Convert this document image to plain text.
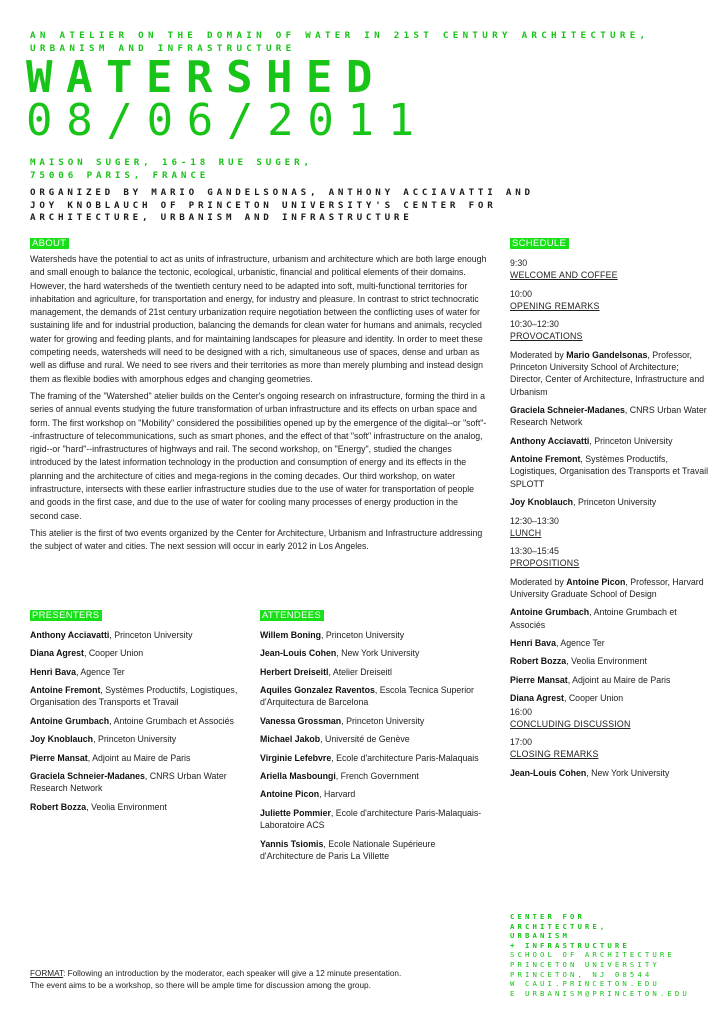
AN ATELIER ON THE DOMAIN OF WATER IN 21ST CENTURY ARCHITECTURE, URBANISM AND INFRASTRUCTURE
WATERSHED
08/06/2011
MAISON SUGER, 16-18 RUE SUGER,
75006 PARIS, FRANCE
ORGANIZED BY MARIO GANDELSONAS, ANTHONY ACCIAVATTI AND JOY KNOBLAUCH OF PRINCETON UNIVERSITY'S CENTER FOR ARCHITECTURE, URBANISM AND INFRASTRUCTURE
ABOUT

Watersheds have the potential to act as units of infrastructure, urbanism and architecture which are both large enough and small enough to balance the tectonic, ecological, urbanistic, financial and political elements of their domains. However, the hard watersheds of the twentieth century need to be adapted into soft, multi-functional territories for inhabitation and agriculture, for transportation and energy, for industry and pleasure. In contrast to strict technocratic management, the demands of 21st century urbanization require negotiation between the conflicting uses of water for sustaining life and for industrial production, balancing the demands for clean water for humans and animals, recycled water for growing and feeding plants, and for maintaining landscapes for pleasure and identity. In order to meet these competing needs, watersheds will need to be designed with a rich, simultaneous use of spaces, dense and urban as well as diffuse and rural. We need to see rivers and their territories as more than merely plumbing and instead design them as flexible bodies with amorphous edges and changing geometries.

The framing of the "Watershed" atelier builds on the Center's ongoing research on infrastructure, forming the third in a series of annual events studying the future transformation of urban infrastructure and its effects on urban space and form. The first workshop on "Mobility" considered the possibilities opened up by the emergence of the digital--or "soft"--infrastructure of telecommunications, such as smart phones, and the effect of that "soft" infrastructure on the analog, rigid--or "hard"--infrastructures of highways and rail. The second workshop, on "Energy", studied the changes introduced by the latest information technology in the production and consumption of energy and its effects in the planning and the architecture of cities and mega-regions in the coming decades. Our third workshop, on water infrastructure, intersects with these earlier infrastructure studies due to the use of water for transportation of people and goods in the first case, and due to the use of water for cooling many processes of energy production in the second case.

This atelier is the first of two events organized by the Center for Architecture, Urbanism and Infrastructure addressing the subject of water and cities. The next session will occur in early 2012 in Los Angeles.

PRESENTERS
Anthony Acciavatti, Princeton University
Diana Agrest, Cooper Union
Henri Bava, Agence Ter
Antoine Fremont, Systèmes Productifs, Logistiques, Organisation des Transports et Travail
Antoine Grumbach, Antoine Grumbach et Associés
Joy Knoblauch, Princeton University
Pierre Mansat, Adjoint au Maire de Paris
Graciela Schneier-Madanes, CNRS Urban Water Research Network
Robert Bozza, Veolia Environment
ATTENDEES
Willem Boning, Princeton University
Jean-Louis Cohen, New York University
Herbert Dreiseitl, Atelier Dreiseitl
Aquiles Gonzalez Raventos, Escola Tecnica Superior d'Arquitectura de Barcelona
Vanessa Grossman, Princeton University
Michael Jakob, Université de Genève
Virginie Lefebvre, Ecole d'architecture Paris-Malaquais
Ariella Masboungi, French Government
Antoine Picon, Harvard
Juliette Pommier, Ecole d'architecture Paris-Malaquais-Laboratoire ACS
Yannis Tsiomis, Ecole Nationale Supérieure d'Architecture de Paris La Villette
SCHEDULE
9:30
WELCOME AND COFFEE
10:00
OPENING REMARKS
10:30–12:30
PROVOCATIONS
Moderated by Mario Gandelsonas, Professor, Princeton University School of Architecture; Director, Center of Architecture, Infrastructure and Urbanism
Graciela Schneier-Madanes, CNRS Urban Water Research Network
Anthony Acciavatti, Princeton University
Antoine Fremont, Systèmes Productifs, Logistiques, Organisation des Transports et Travail SPLOTT
Joy Knoblauch, Princeton University
12:30–13:30
LUNCH
13:30–15:45
PROPOSITIONS
Moderated by Antoine Picon, Professor, Harvard University Graduate School of Design
Antoine Grumbach, Antoine Grumbach et Associés
Henri Bava, Agence Ter
Robert Bozza, Veolia Environment
Pierre Mansat, Adjoint au Maire de Paris
Diana Agrest, Cooper Union
16:00
CONCLUDING DISCUSSION
17:00
CLOSING REMARKS
Jean-Louis Cohen, New York University
CENTER FOR
ARCHITECTURE,
URBANISM
+ INFRASTRUCTURE
SCHOOL OF ARCHITECTURE
PRINCETON UNIVERSITY
PRINCETON, NJ 08544
W CAUI.PRINCETON.EDU
E URBANISM@PRINCETON.EDU
FORMAT: Following an introduction by the moderator, each speaker will give a 12 minute presentation.
The event aims to be a workshop, so there will be ample time for discussion among the group.
